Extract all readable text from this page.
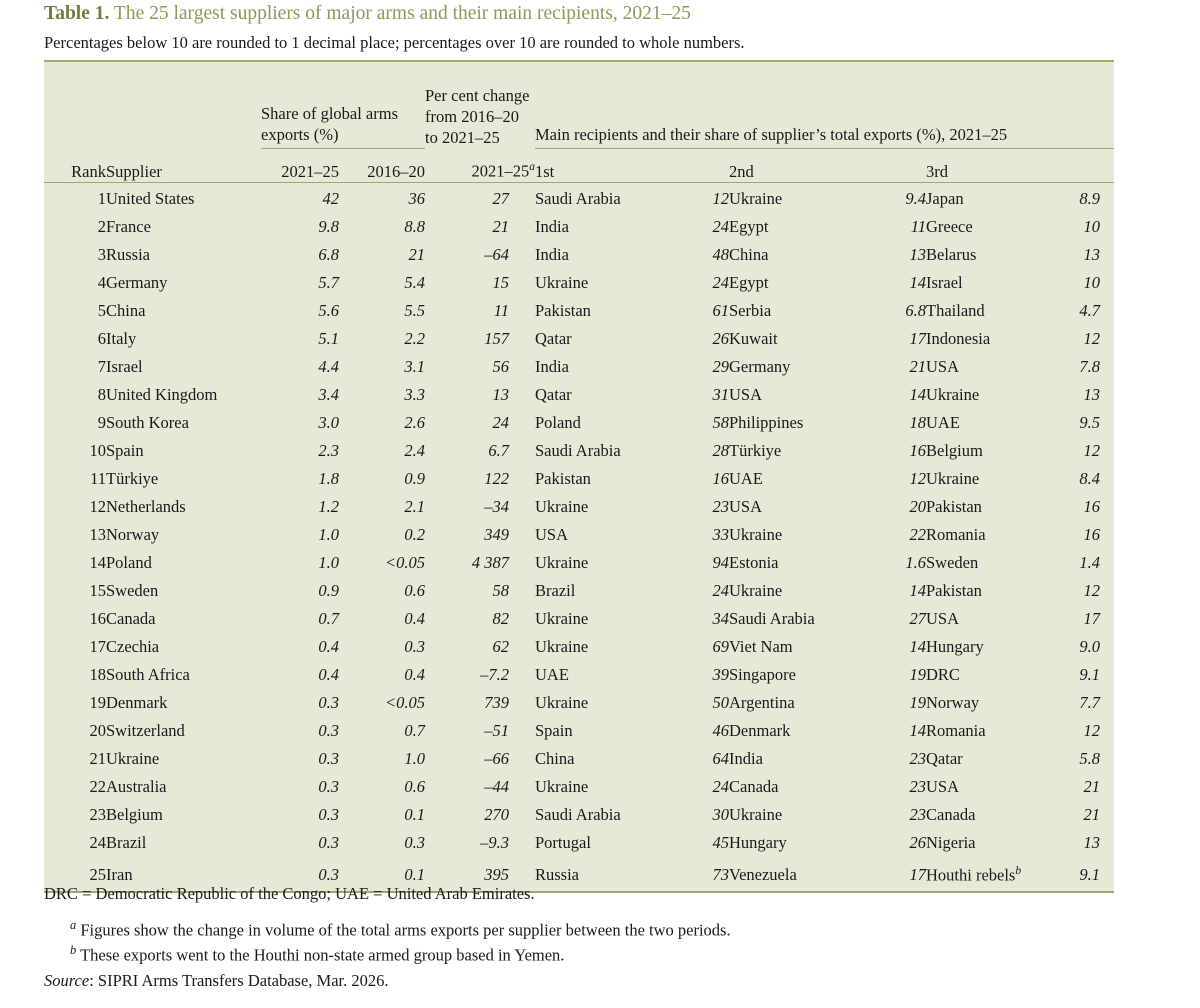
Table 1. The 25 largest suppliers of major arms and their main recipients, 2021–25
Percentages below 10 are rounded to 1 decimal place; percentages over 10 are rounded to whole numbers.
		Share of global arms exports (%)		Per cent change from 2016–20 to 2021–25	Main recipients and their share of supplier’s total exports (%), 2021–25					
Rank	Supplier	2021–25	2016–20	2021–25$^a$	1st		2nd		3rd	
1	United States	42	36	27	Saudi Arabia	12	Ukraine	9.4	Japan	8.9
2	France	9.8	8.8	21	India	24	Egypt	11	Greece	10
3	Russia	6.8	21	–64	India	48	China	13	Belarus	13
4	Germany	5.7	5.4	15	Ukraine	24	Egypt	14	Israel	10
5	China	5.6	5.5	11	Pakistan	61	Serbia	6.8	Thailand	4.7
6	Italy	5.1	2.2	157	Qatar	26	Kuwait	17	Indonesia	12
7	Israel	4.4	3.1	56	India	29	Germany	21	USA	7.8
8	United Kingdom	3.4	3.3	13	Qatar	31	USA	14	Ukraine	13
9	South Korea	3.0	2.6	24	Poland	58	Philippines	18	UAE	9.5
10	Spain	2.3	2.4	6.7	Saudi Arabia	28	Türkiye	16	Belgium	12
11	Türkiye	1.8	0.9	122	Pakistan	16	UAE	12	Ukraine	8.4
12	Netherlands	1.2	2.1	–34	Ukraine	23	USA	20	Pakistan	16
13	Norway	1.0	0.2	349	USA	33	Ukraine	22	Romania	16
14	Poland	1.0	<0.05	4 387	Ukraine	94	Estonia	1.6	Sweden	1.4
15	Sweden	0.9	0.6	58	Brazil	24	Ukraine	14	Pakistan	12
16	Canada	0.7	0.4	82	Ukraine	34	Saudi Arabia	27	USA	17
17	Czechia	0.4	0.3	62	Ukraine	69	Viet Nam	14	Hungary	9.0
18	South Africa	0.4	0.4	–7.2	UAE	39	Singapore	19	DRC	9.1
19	Denmark	0.3	<0.05	739	Ukraine	50	Argentina	19	Norway	7.7
20	Switzerland	0.3	0.7	–51	Spain	46	Denmark	14	Romania	12
21	Ukraine	0.3	1.0	–66	China	64	India	23	Qatar	5.8
22	Australia	0.3	0.6	–44	Ukraine	24	Canada	23	USA	21
23	Belgium	0.3	0.1	270	Saudi Arabia	30	Ukraine	23	Canada	21
24	Brazil	0.3	0.3	–9.3	Portugal	45	Hungary	26	Nigeria	13
25	Iran	0.3	0.1	395	Russia	73	Venezuela	17	Houthi rebels$^b$	9.1
DRC = Democratic Republic of the Congo; UAE = United Arab Emirates.
$^a$ Figures show the change in volume of the total arms exports per supplier between the two periods.
$^b$ These exports went to the Houthi non-state armed group based in Yemen.
Source: SIPRI Arms Transfers Database, Mar. 2026.
